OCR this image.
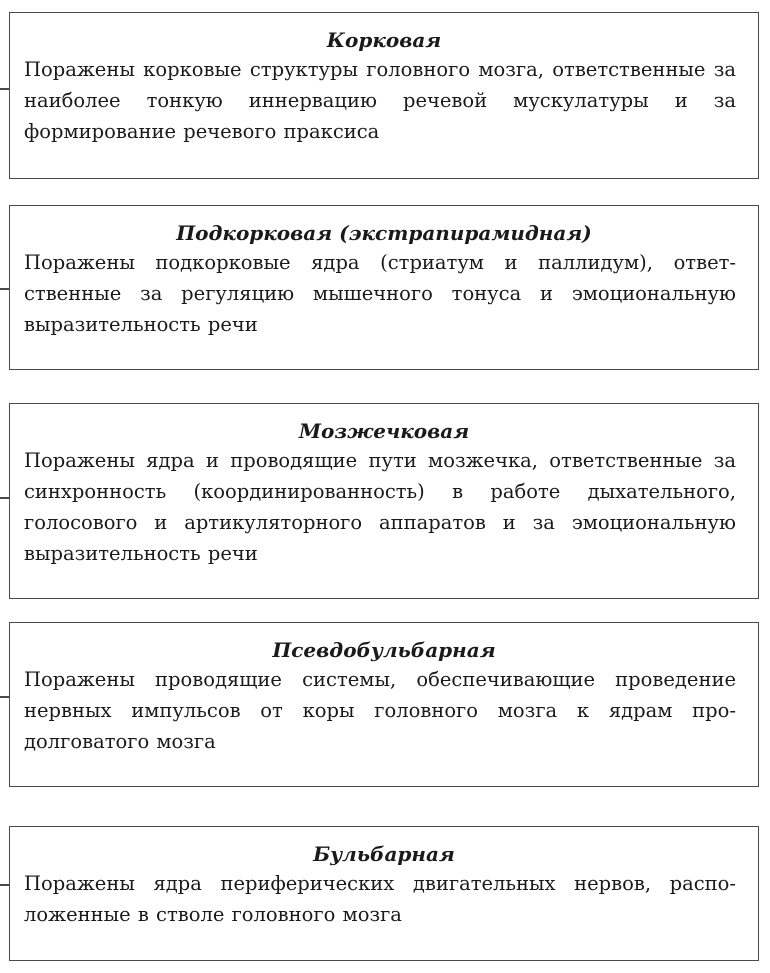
Корковая
Поражены корковые структуры головного мозга, ответственные за наиболее тонкую иннервацию речевой мускулатуры и за формирование речевого праксиса
Подкорковая (экстрапирамидная)
Поражены подкорковые ядра (стриатум и паллидум), ответственные за регуляцию мышечного тонуса и эмоциональную выразительность речи
Мозжечковая
Поражены ядра и проводящие пути мозжечка, ответственные за синхронность (координированность) в работе дыхательного, голосового и артикуляторного аппаратов и за эмоциональную выразительность речи
Псевдобульбарная
Поражены проводящие системы, обеспечивающие проведение нервных импульсов от коры головного мозга к ядрам продолговатого мозга
Бульбарная
Поражены ядра периферических двигательных нервов, расположенные в стволе головного мозга
